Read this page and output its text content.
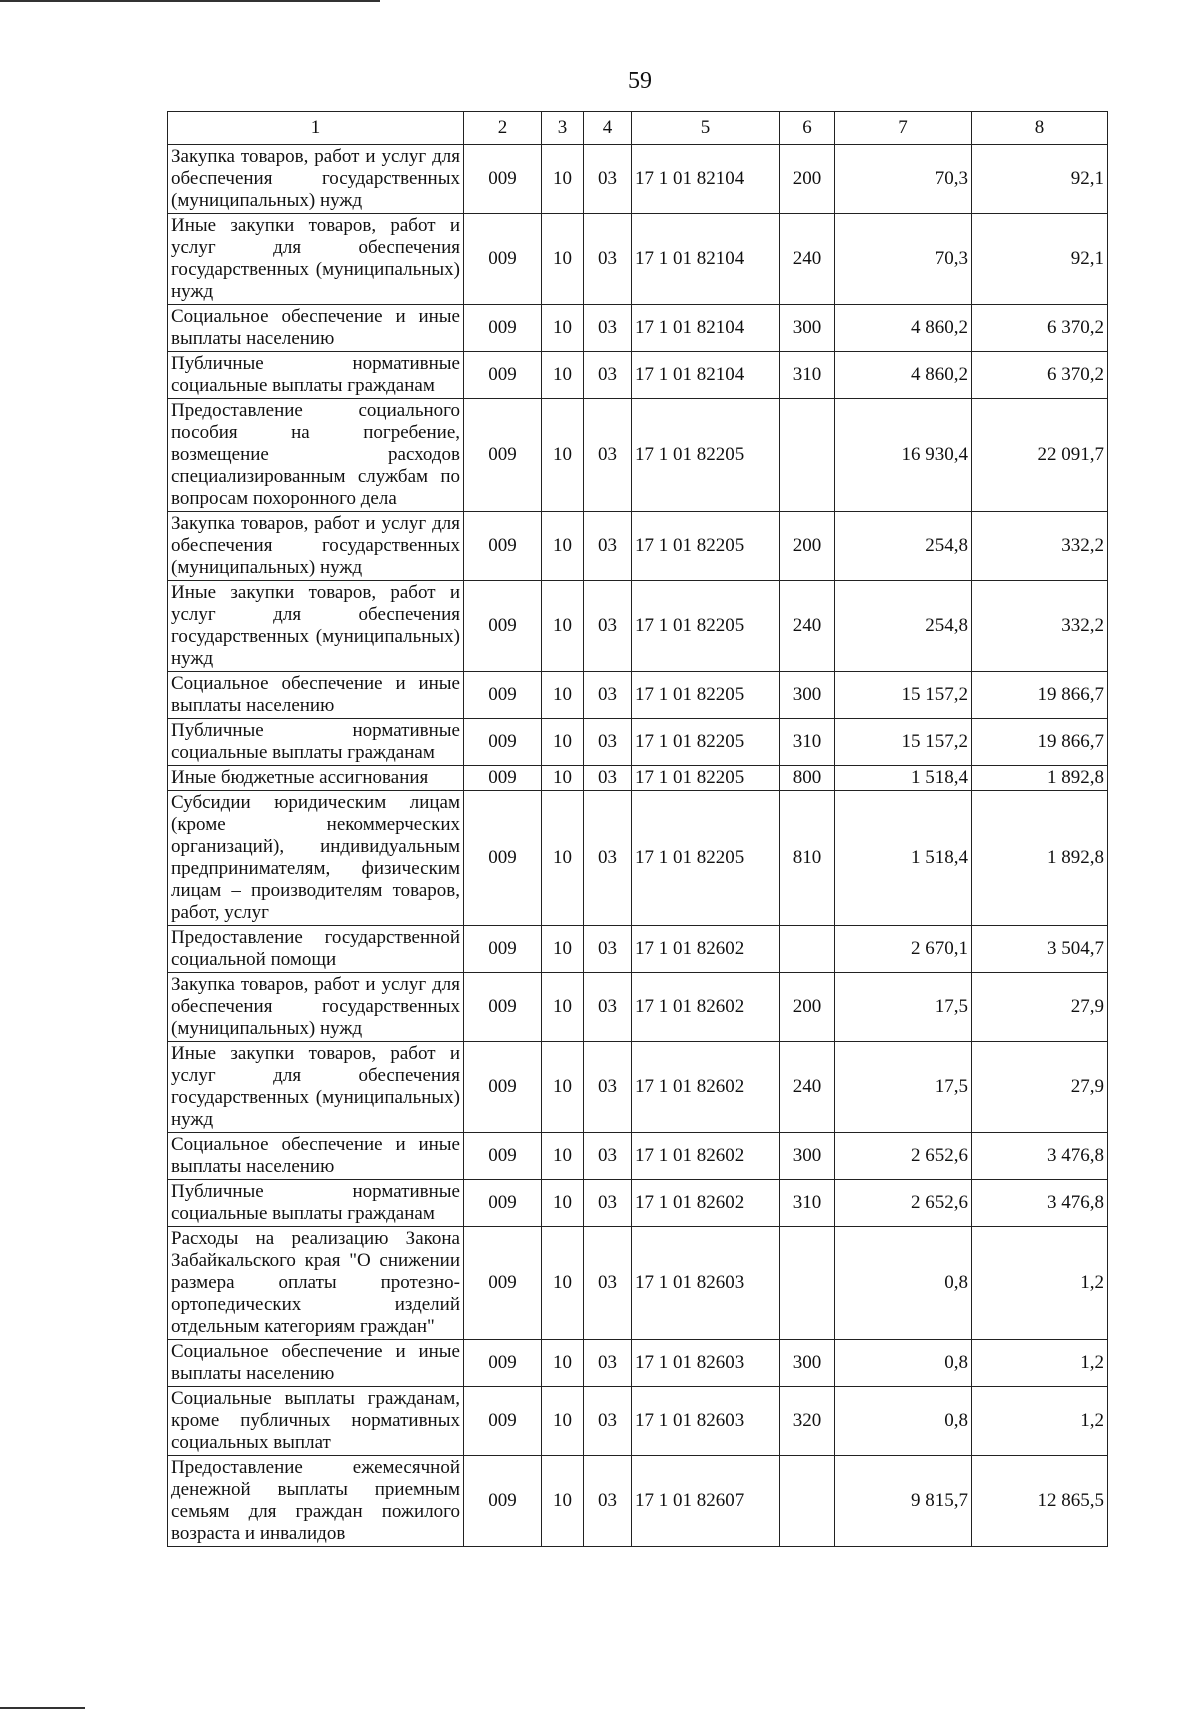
59
1	2	3	4	5	6	7	8
Закупка товаров, работ и услуг для обеспечения государственных (муниципальных) нужд	009	10	03	17 1 01 82104	200	70,3	92,1
Иные закупки товаров, работ и услуг для обеспечения государственных (муниципальных) нужд	009	10	03	17 1 01 82104	240	70,3	92,1
Социальное обеспечение и иные выплаты населению	009	10	03	17 1 01 82104	300	4 860,2	6 370,2
Публичные нормативные социальные выплаты гражданам	009	10	03	17 1 01 82104	310	4 860,2	6 370,2
Предоставление социального пособия на погребение, возмещение расходов специализированным службам по вопросам похоронного дела	009	10	03	17 1 01 82205		16 930,4	22 091,7
Закупка товаров, работ и услуг для обеспечения государственных (муниципальных) нужд	009	10	03	17 1 01 82205	200	254,8	332,2
Иные закупки товаров, работ и услуг для обеспечения государственных (муниципальных) нужд	009	10	03	17 1 01 82205	240	254,8	332,2
Социальное обеспечение и иные выплаты населению	009	10	03	17 1 01 82205	300	15 157,2	19 866,7
Публичные нормативные социальные выплаты гражданам	009	10	03	17 1 01 82205	310	15 157,2	19 866,7
Иные бюджетные ассигнования	009	10	03	17 1 01 82205	800	1 518,4	1 892,8
Субсидии юридическим лицам (кроме некоммерческих организаций), индивидуальным предпринимателям, физическим лицам – производителям товаров, работ, услуг	009	10	03	17 1 01 82205	810	1 518,4	1 892,8
Предоставление государственной социальной помощи	009	10	03	17 1 01 82602		2 670,1	3 504,7
Закупка товаров, работ и услуг для обеспечения государственных (муниципальных) нужд	009	10	03	17 1 01 82602	200	17,5	27,9
Иные закупки товаров, работ и услуг для обеспечения государственных (муниципальных) нужд	009	10	03	17 1 01 82602	240	17,5	27,9
Социальное обеспечение и иные выплаты населению	009	10	03	17 1 01 82602	300	2 652,6	3 476,8
Публичные нормативные социальные выплаты гражданам	009	10	03	17 1 01 82602	310	2 652,6	3 476,8
Расходы на реализацию Закона Забайкальского края "О снижении размера оплаты протезно-ортопедических изделий отдельным категориям граждан"	009	10	03	17 1 01 82603		0,8	1,2
Социальное обеспечение и иные выплаты населению	009	10	03	17 1 01 82603	300	0,8	1,2
Социальные выплаты гражданам, кроме публичных нормативных социальных выплат	009	10	03	17 1 01 82603	320	0,8	1,2
Предоставление ежемесячной денежной выплаты приемным семьям для граждан пожилого возраста и инвалидов	009	10	03	17 1 01 82607		9 815,7	12 865,5
